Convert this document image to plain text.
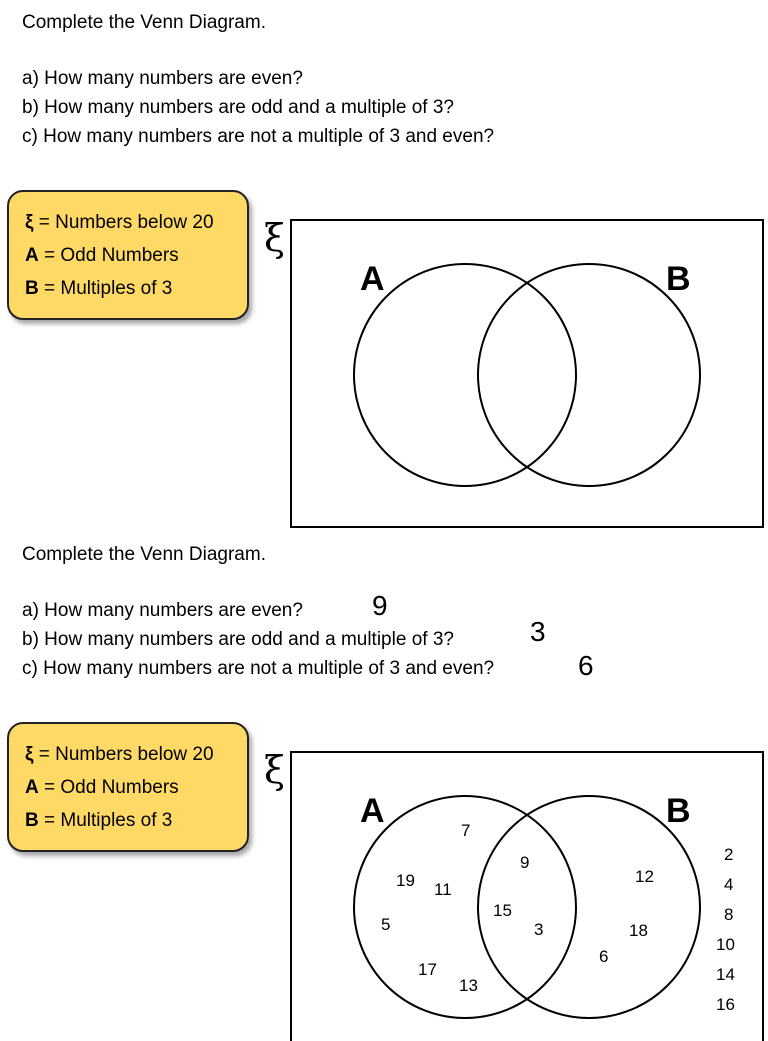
Complete the Venn Diagram.
a) How many numbers are even?
b) How many numbers are odd and a multiple of 3?
c) How many numbers are not a multiple of 3 and even?
ξ = Numbers below 20
A = Odd Numbers
B = Multiples of 3
ξ
A	B
Complete the Venn Diagram.
a) How many numbers are even?
b) How many numbers are odd and a multiple of 3?
c) How many numbers are not a multiple of 3 and even?
9
3
6
ξ = Numbers below 20
A = Odd Numbers
B = Multiples of 3
ξ
A	B
7
19 11
5
17
13
9
15
3
12
18
6
2
4
8
10
14
16
